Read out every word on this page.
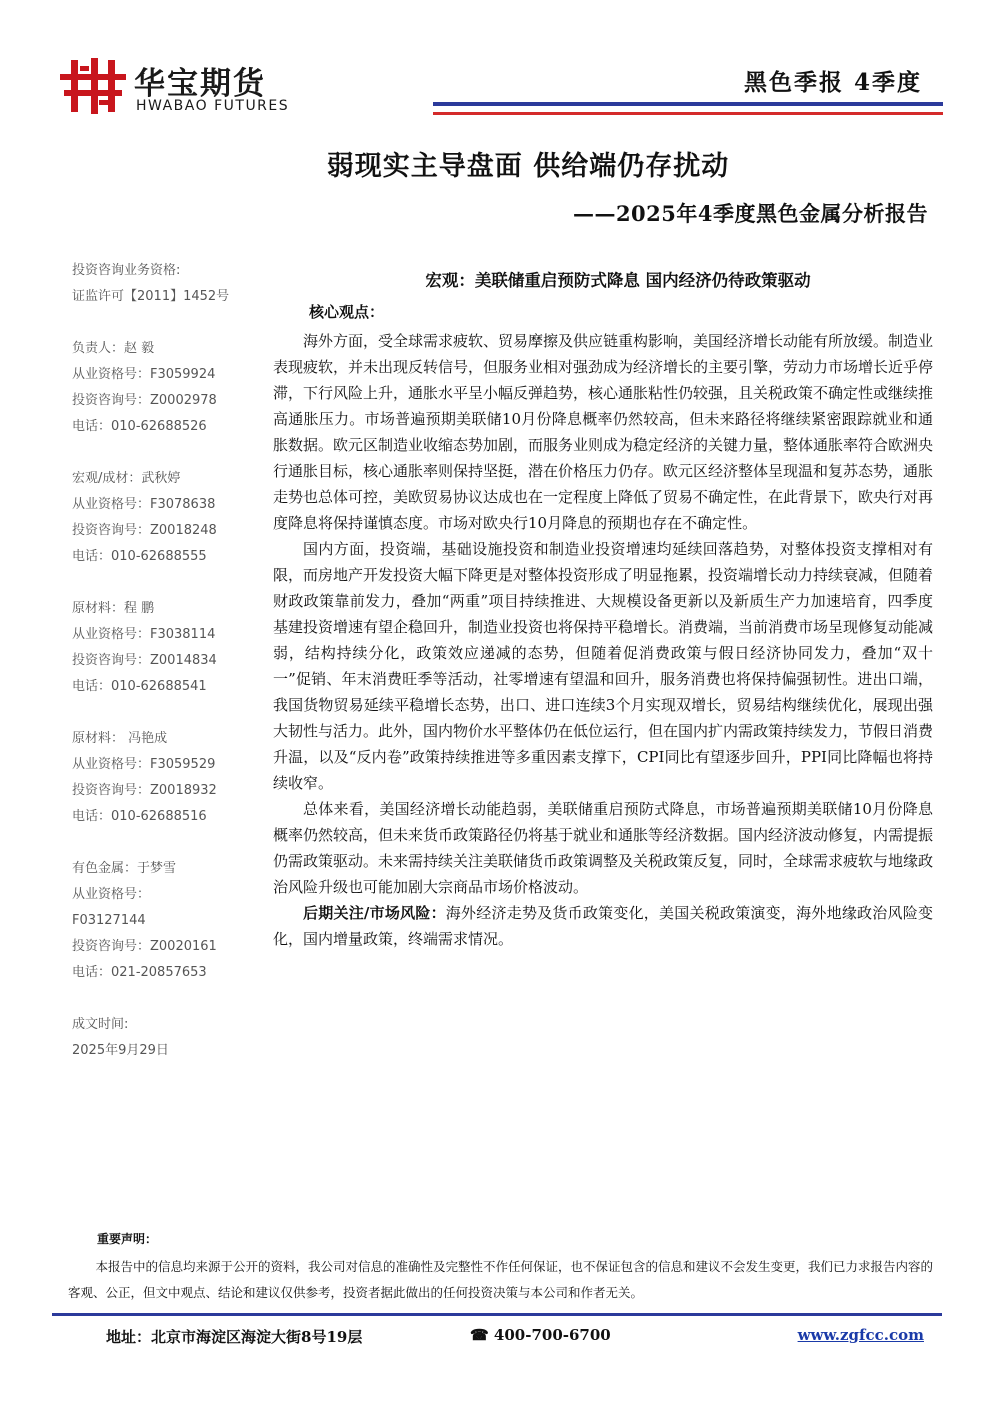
华宝期货
HWABAO FUTURES
黑色季报 4季度
弱现实主导盘面 供给端仍存扰动
——2025年4季度黑色金属分析报告
投资咨询业务资格:
证监许可【2011】1452号
负责人：赵 毅
从业资格号：F3059924
投资咨询号：Z0002978
电话：010-62688526
宏观/成材：武秋婷
从业资格号：F3078638
投资咨询号：Z0018248
电话：010-62688555
原材料：程 鹏
从业资格号：F3038114
投资咨询号：Z0014834
电话：010-62688541
原材料： 冯艳成
从业资格号：F3059529
投资咨询号：Z0018932
电话：010-62688516
有色金属：于梦雪
从业资格号：
F03127144
投资咨询号：Z0020161
电话：021-20857653
成文时间:
2025年9月29日
宏观：美联储重启预防式降息 国内经济仍待政策驱动
核心观点：

海外方面，受全球需求疲软、贸易摩擦及供应链重构影响，美国经济增长动能有所放缓。制造业表现疲软，并未出现反转信号，但服务业相对强劲成为经济增长的主要引擎，劳动力市场增长近乎停滞，下行风险上升，通胀水平呈小幅反弹趋势，核心通胀粘性仍较强，且关税政策不确定性或继续推高通胀压力。市场普遍预期美联储10月份降息概率仍然较高，但未来路径将继续紧密跟踪就业和通胀数据。欧元区制造业收缩态势加剧，而服务业则成为稳定经济的关键力量，整体通胀率符合欧洲央行通胀目标，核心通胀率则保持坚挺，潜在价格压力仍存。欧元区经济整体呈现温和复苏态势，通胀走势也总体可控，美欧贸易协议达成也在一定程度上降低了贸易不确定性，在此背景下，欧央行对再度降息将保持谨慎态度。市场对欧央行10月降息的预期也存在不确定性。

国内方面，投资端，基础设施投资和制造业投资增速均延续回落趋势，对整体投资支撑相对有限，而房地产开发投资大幅下降更是对整体投资形成了明显拖累，投资端增长动力持续衰减，但随着财政政策靠前发力，叠加“两重”项目持续推进、大规模设备更新以及新质生产力加速培育，四季度基建投资增速有望企稳回升，制造业投资也将保持平稳增长。消费端，当前消费市场呈现修复动能减弱，结构持续分化，政策效应递减的态势，但随着促消费政策与假日经济协同发力，叠加“双十一”促销、年末消费旺季等活动，社零增速有望温和回升，服务消费也将保持偏强韧性。进出口端，我国货物贸易延续平稳增长态势，出口、进口连续3个月实现双增长，贸易结构继续优化，展现出强大韧性与活力。此外，国内物价水平整体仍在低位运行，但在国内扩内需政策持续发力，节假日消费升温，以及“反内卷”政策持续推进等多重因素支撑下，CPI同比有望逐步回升，PPI同比降幅也将持续收窄。

总体来看，美国经济增长动能趋弱，美联储重启预防式降息，市场普遍预期美联储10月份降息概率仍然较高，但未来货币政策路径仍将基于就业和通胀等经济数据。国内经济波动修复，内需提振仍需政策驱动。未来需持续关注美联储货币政策调整及关税政策反复，同时，全球需求疲软与地缘政治风险升级也可能加剧大宗商品市场价格波动。

后期关注/市场风险：海外经济走势及货币政策变化，美国关税政策演变，海外地缘政治风险变化，国内增量政策，终端需求情况。

重要声明：
本报告中的信息均来源于公开的资料，我公司对信息的准确性及完整性不作任何保证，也不保证包含的信息和建议不会发生变更，我们已力求报告内容的客观、公正，但文中观点、结论和建议仅供参考，投资者据此做出的任何投资决策与本公司和作者无关。
地址：北京市海淀区海淀大街8号19层	☎ 400-700-6700	www.zgfcc.com
